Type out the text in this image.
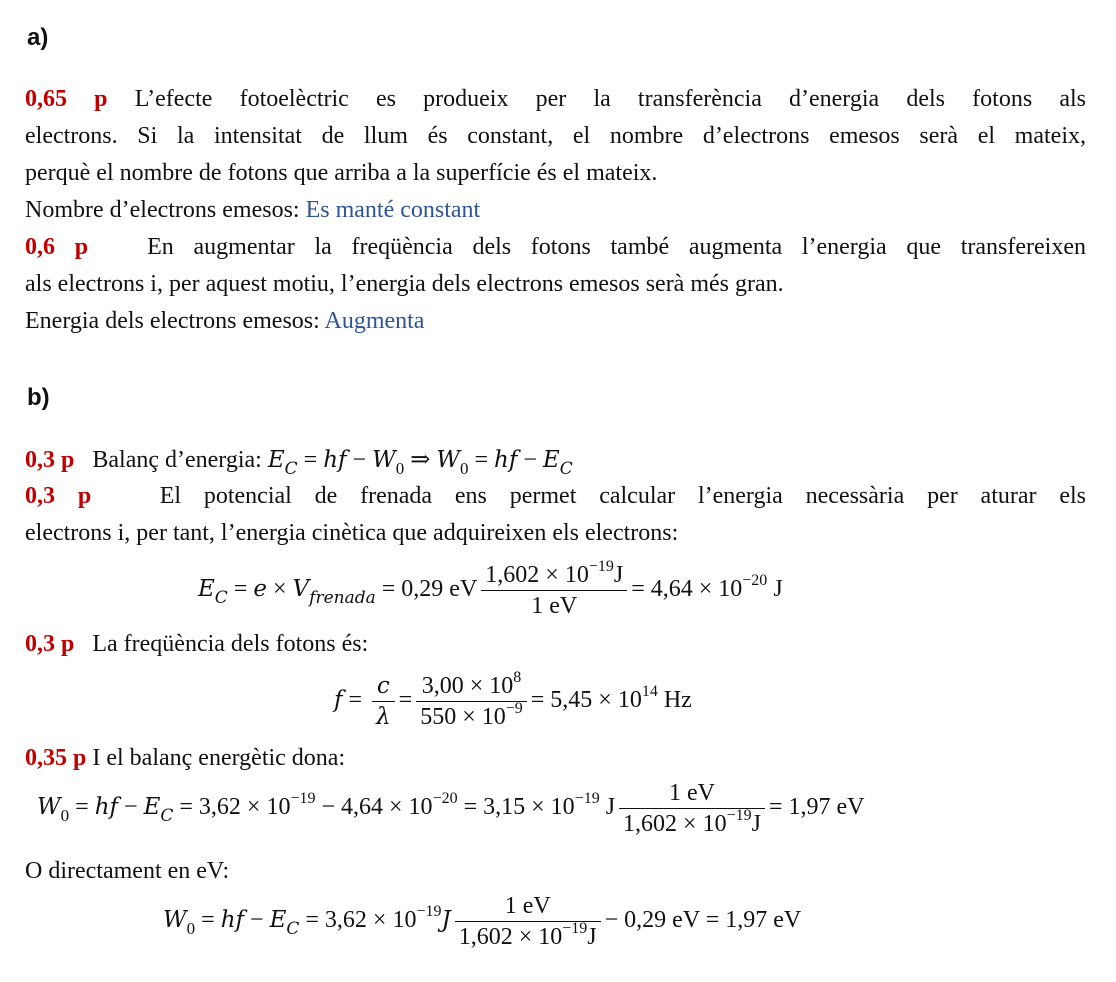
a)
0,65 p L’efecte fotoelèctric es produeix per la transferència d’energia dels fotons als
electrons. Si la intensitat de llum és constant, el nombre d’electrons emesos serà el mateix,
perquè el nombre de fotons que arriba a la superfície és el mateix.
Nombre d’electrons emesos: Es manté constant
0,6 p En augmentar la freqüència dels fotons també augmenta l’energia que transfereixen
als electrons i, per aquest motiu, l’energia dels electrons emesos serà més gran.
Energia dels electrons emesos: Augmenta
b)
0,3 p Balanç d’energia: $E_C$ = hf − $W_0$ ⇒ $W_0$ = hf − $E_C$
0,3 p	El potencial de frenada ens permet calcular l’energia necessària per aturar els
electrons i, per tant, l’energia cinètica que adquireixen els electrons:
$E_C = e \times V_{frenada} = 0,29$ eV $\frac{1,602 \times 10^{-19}J}{1 eV} = 4,64 \times 10^{-20}$ J
0,3 p La freqüència dels fotons és:
$f = \frac{c}{\lambda} = \frac{3,00 \times 10^8}{550 \times 10^{-9}} = 5,45 \times 10^{14}$ Hz
0,35 p I el balanç energètic dona:
$W_0$ = hf − $E_C = 3,62 \times 10^{-19} - 4,64 \times 10^{-20} = 3,15 \times 10^{-19}$ J $\frac{1 eV}{1,602 \times 10^{-19}J} = 1,97$ eV
O directament en eV:
$W_0$ = hf − $E_C = 3,62 \times 10^{-19}J \frac{1 eV}{1,602 \times 10^{-19}J} - 0,29$ eV = 1,97 eV
